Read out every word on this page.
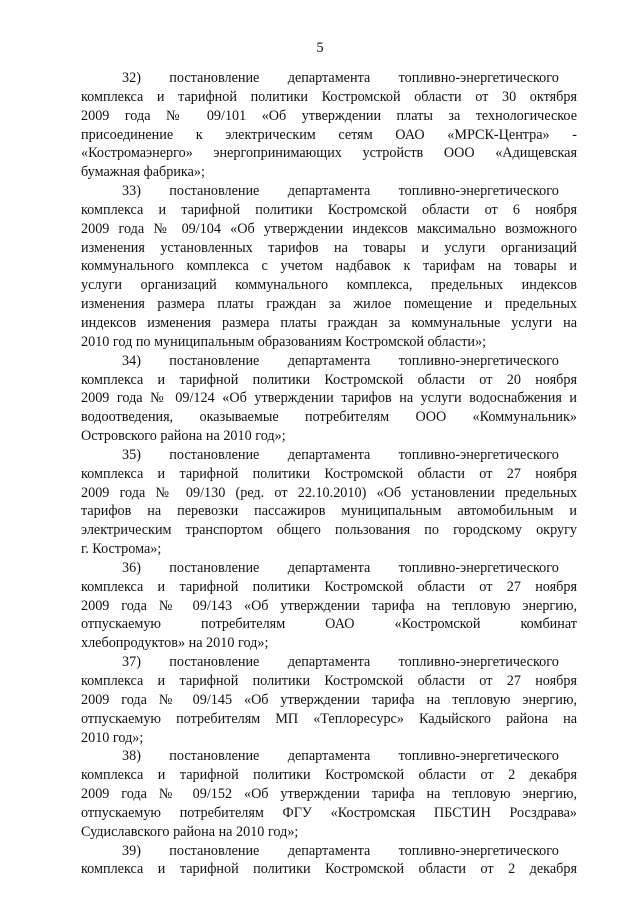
5
32)  постановление  департамента  топливно-энергетического
комплекса и тарифной политики Костромской области от 30 октября
2009 года № 09/101 «Об утверждении платы за технологическое
присоединение к электрическим сетям ОАО «МРСК-Центра» -
«Костромаэнерго» энергопринимающих устройств ООО «Адищевская
бумажная фабрика»;
33)  постановление  департамента  топливно-энергетического
комплекса и тарифной политики Костромской области от 6 ноября
2009 года № 09/104 «Об утверждении индексов максимально возможного
изменения установленных тарифов на товары и услуги организаций
коммунального комплекса с учетом надбавок к тарифам на товары и
услуги организаций коммунального комплекса, предельных индексов
изменения размера платы граждан за жилое помещение и предельных
индексов изменения размера платы граждан за коммунальные услуги на
2010 год по муниципальным образованиям Костромской области»;
34)  постановление  департамента  топливно-энергетического
комплекса и тарифной политики Костромской области от 20 ноября
2009 года № 09/124 «Об утверждении тарифов на услуги водоснабжения и
водоотведения, оказываемые потребителям ООО «Коммунальник»
Островского района на 2010 год»;
35)  постановление  департамента  топливно-энергетического
комплекса и тарифной политики Костромской области от 27 ноября
2009 года № 09/130 (ред. от 22.10.2010) «Об установлении предельных
тарифов на перевозки пассажиров муниципальным автомобильным и
электрическим транспортом общего пользования по городскому округу
г. Кострома»;
36)  постановление  департамента  топливно-энергетического
комплекса и тарифной политики Костромской области от 27 ноября
2009 года № 09/143 «Об утверждении тарифа на тепловую энергию,
отпускаемую потребителям ОАО «Костромской комбинат
хлебопродуктов» на 2010 год»;
37)  постановление  департамента  топливно-энергетического
комплекса и тарифной политики Костромской области от 27 ноября
2009 года № 09/145 «Об утверждении тарифа на тепловую энергию,
отпускаемую потребителям МП «Теплоресурс» Кадыйского района на
2010 год»;
38)  постановление  департамента  топливно-энергетического
комплекса и тарифной политики Костромской области от 2 декабря
2009 года № 09/152 «Об утверждении тарифа на тепловую энергию,
отпускаемую потребителям ФГУ «Костромская ПБСТИН Росздрава»
Судиславского района на 2010 год»;
39)  постановление  департамента  топливно-энергетического
комплекса и тарифной политики Костромской области от 2 декабря
